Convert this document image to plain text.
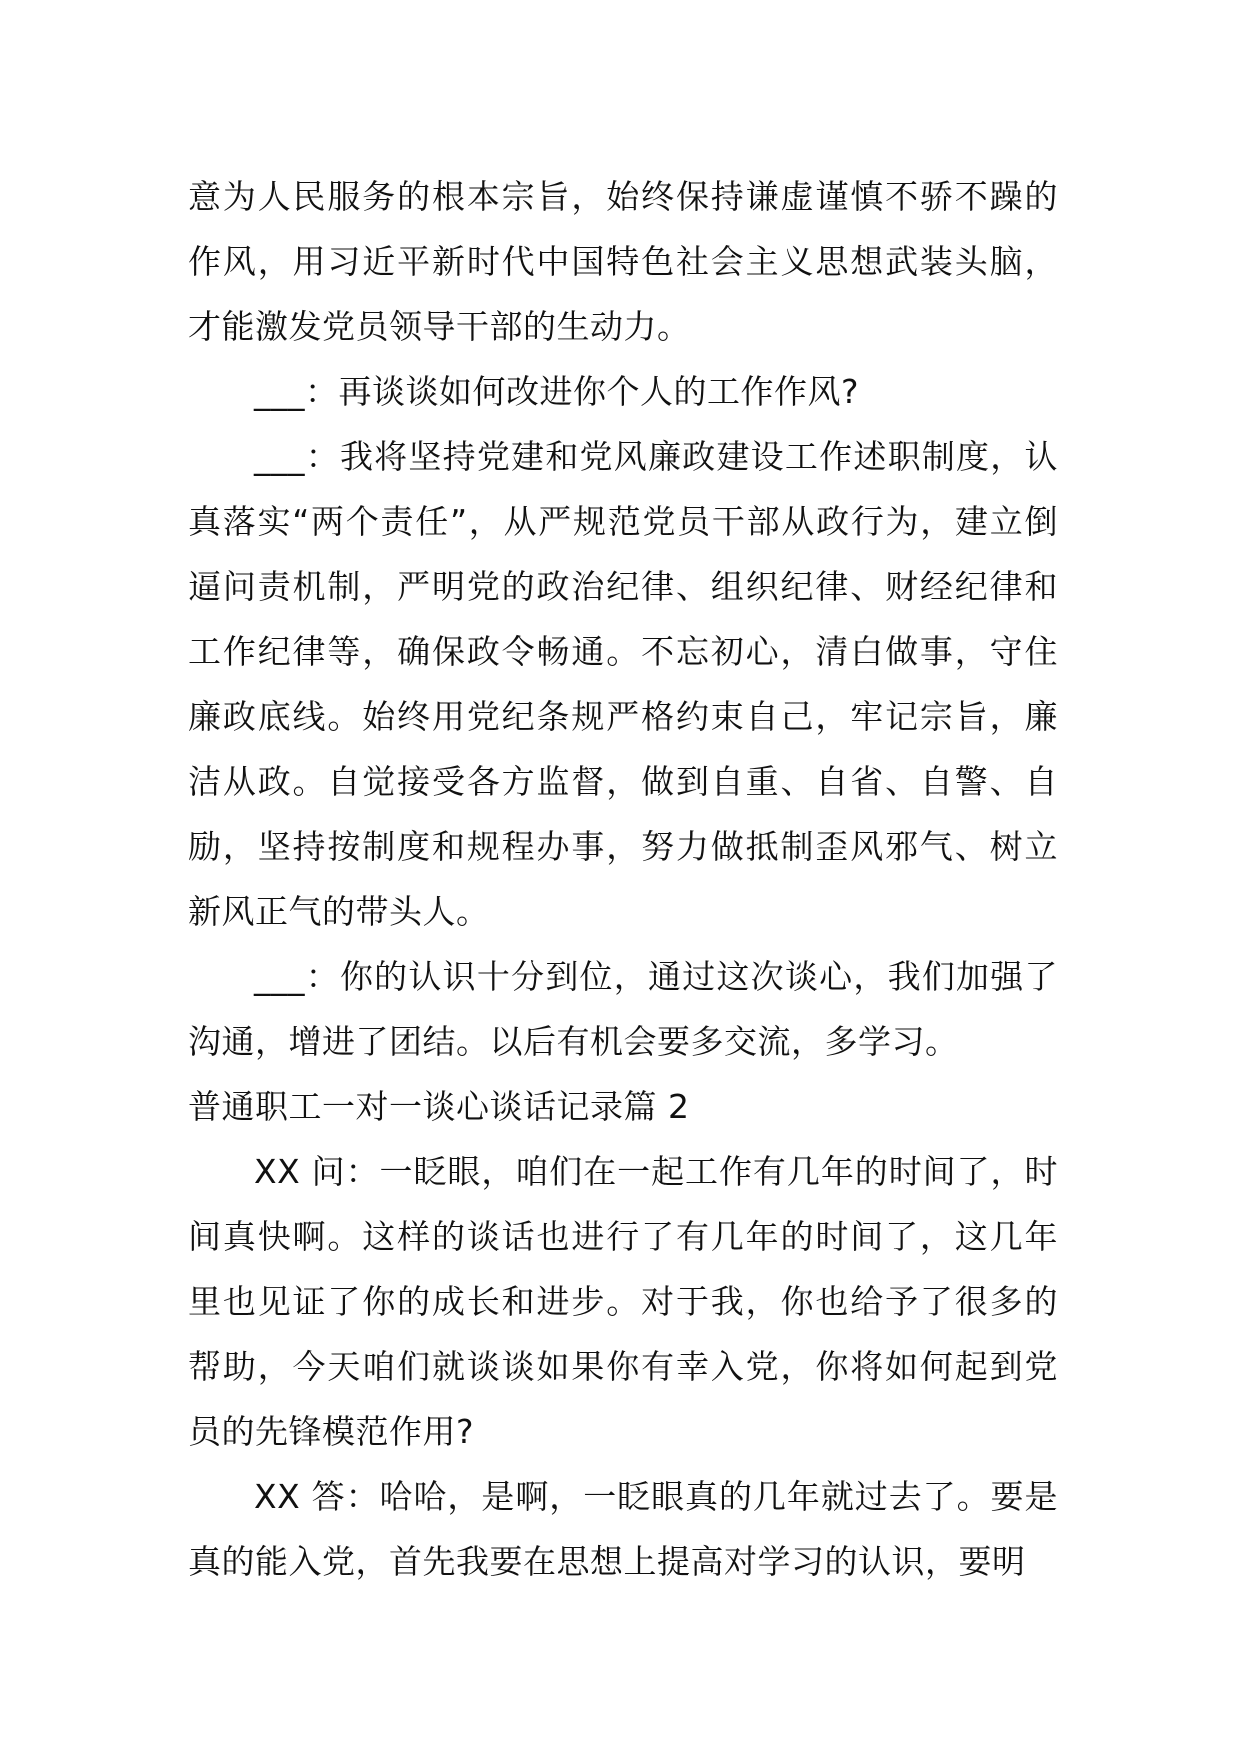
意为人民服务的根本宗旨，始终保持谦虚谨慎不骄不躁的作风，用习近平新时代中国特色社会主义思想武装头脑，才能激发党员领导干部的生动力。

___：再谈谈如何改进你个人的工作作风?

___：我将坚持党建和党风廉政建设工作述职制度，认真落实“两个责任”，从严规范党员干部从政行为，建立倒逼问责机制，严明党的政治纪律、组织纪律、财经纪律和工作纪律等，确保政令畅通。不忘初心，清白做事，守住廉政底线。始终用党纪条规严格约束自己，牢记宗旨，廉洁从政。自觉接受各方监督，做到自重、自省、自警、自励，坚持按制度和规程办事，努力做抵制歪风邪气、树立新风正气的带头人。

___：你的认识十分到位，通过这次谈心，我们加强了沟通，增进了团结。以后有机会要多交流，多学习。

普通职工一对一谈心谈话记录篇 2

XX 问：一眨眼，咱们在一起工作有几年的时间了，时间真快啊。这样的谈话也进行了有几年的时间了，这几年里也见证了你的成长和进步。对于我，你也给予了很多的帮助，今天咱们就谈谈如果你有幸入党，你将如何起到党员的先锋模范作用?

XX 答：哈哈，是啊，一眨眼真的几年就过去了。要是真的能入党，首先我要在思想上提高对学习的认识，要明
